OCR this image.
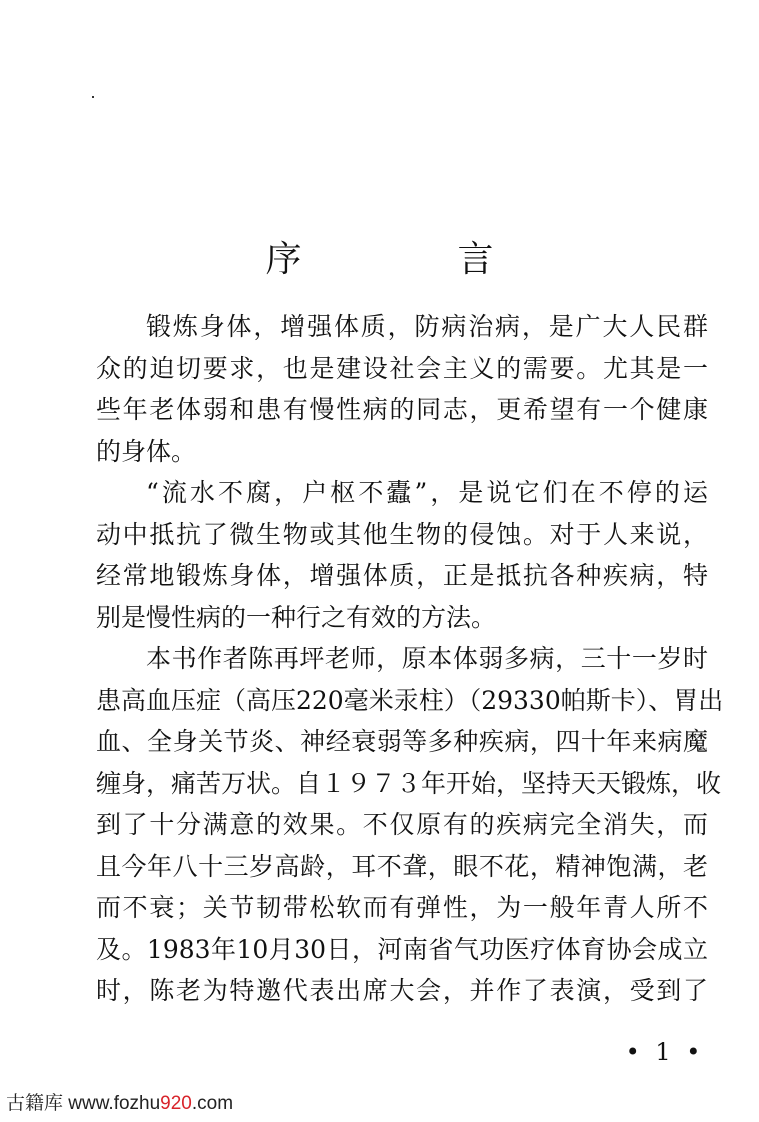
序　言
锻炼身体，增强体质，防病治病，是广大人民群
众的迫切要求，也是建设社会主义的需要。尤其是一
些年老体弱和患有慢性病的同志，更希望有一个健康
的身体。
“流水不腐，户枢不蠹”，是说它们在不停的运
动中抵抗了微生物或其他生物的侵蚀。对于人来说，
经常地锻炼身体，增强体质，正是抵抗各种疾病，特
别是慢性病的一种行之有效的方法。
本书作者陈再坪老师，原本体弱多病，三十一岁时
患高血压症（高压220毫米汞柱）（29330帕斯卡）、胃出
血、全身关节炎、神经衰弱等多种疾病，四十年来病魔
缠身，痛苦万状。自１９７３年开始，坚持天天锻炼，收
到了十分满意的效果。不仅原有的疾病完全消失，而
且今年八十三岁高龄，耳不聋，眼不花，精神饱满，老
而不衰；关节韧带松软而有弹性，为一般年青人所不
及。1983年10月30日，河南省气功医疗体育协会成立
时，陈老为特邀代表出席大会，并作了表演，受到了
• 1 •
古籍库 www.fozhu920.com
